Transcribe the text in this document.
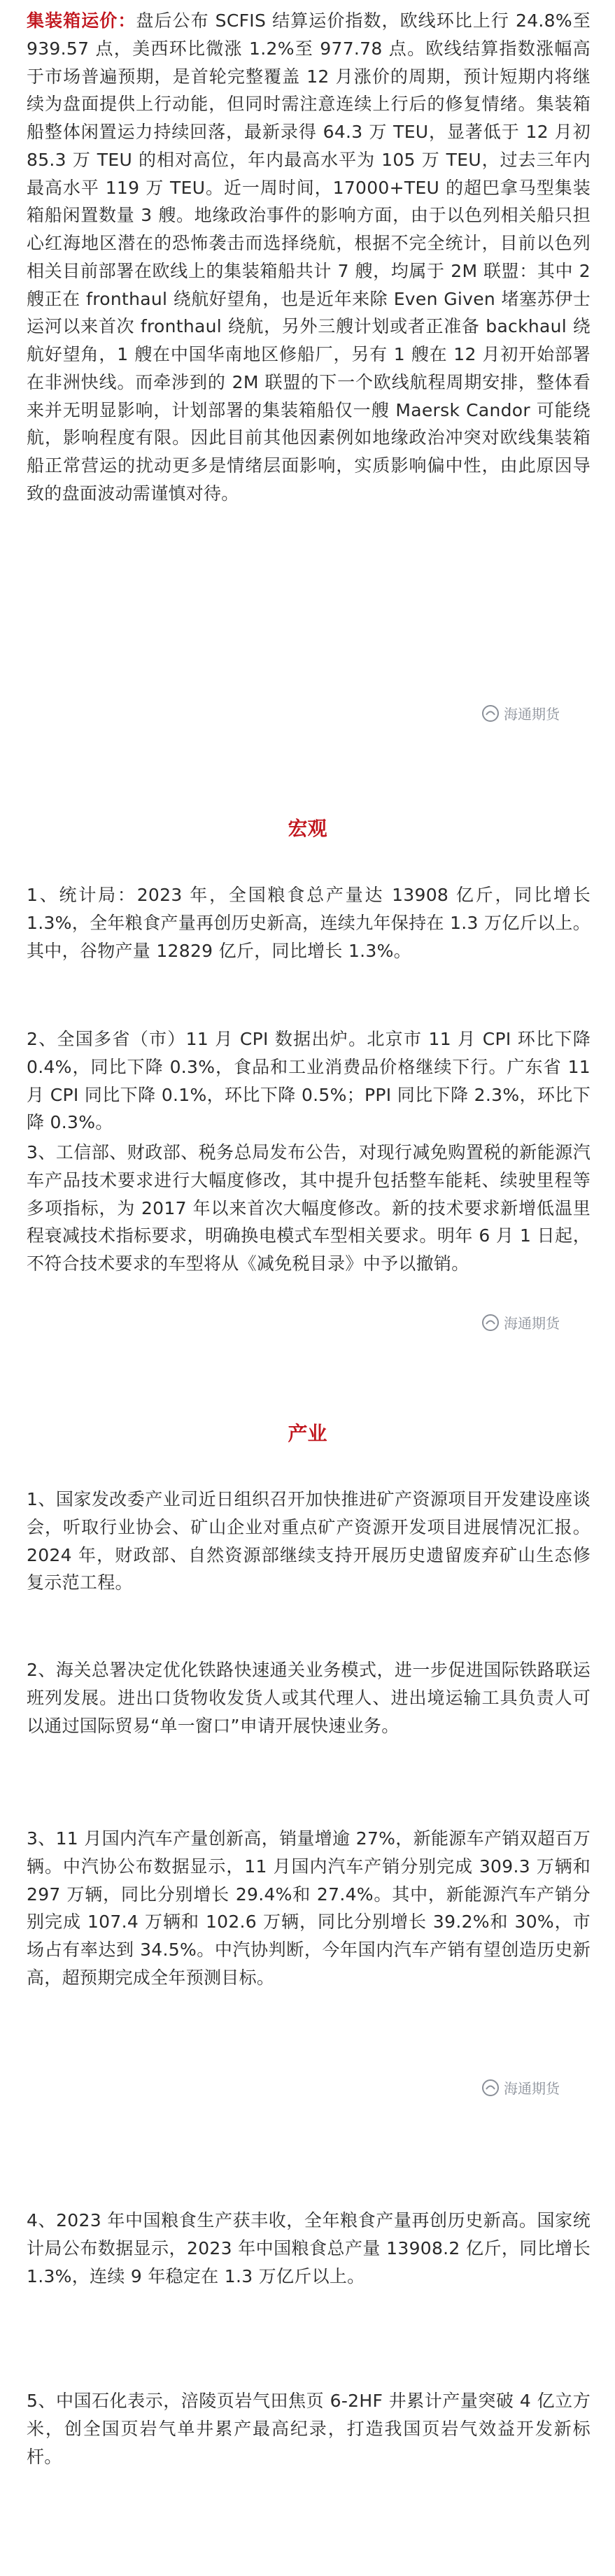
集装箱运价：盘后公布 SCFIS 结算运价指数，欧线环比上行 24.8%至 939.57 点，美西环比微涨 1.2%至 977.78 点。欧线结算指数涨幅高于市场普遍预期，是首轮完整覆盖 12 月涨价的周期，预计短期内将继续为盘面提供上行动能，但同时需注意连续上行后的修复情绪。集装箱船整体闲置运力持续回落，最新录得 64.3 万 TEU，显著低于 12 月初 85.3 万 TEU 的相对高位，年内最高水平为 105 万 TEU，过去三年内最高水平 119 万 TEU。近一周时间，17000+TEU 的超巴拿马型集装箱船闲置数量 3 艘。地缘政治事件的影响方面，由于以色列相关船只担心红海地区潜在的恐怖袭击而选择绕航，根据不完全统计，目前以色列相关目前部署在欧线上的集装箱船共计 7 艘，均属于 2M 联盟：其中 2 艘正在 fronthaul 绕航好望角，也是近年来除 Even Given 堵塞苏伊士运河以来首次 fronthaul 绕航，另外三艘计划或者正准备 backhaul 绕航好望角，1 艘在中国华南地区修船厂，另有 1 艘在 12 月初开始部署在非洲快线。而牵涉到的 2M 联盟的下一个欧线航程周期安排，整体看来并无明显影响，计划部署的集装箱船仅一艘 Maersk Candor 可能绕航，影响程度有限。因此目前其他因素例如地缘政治冲突对欧线集装箱船正常营运的扰动更多是情绪层面影响，实质影响偏中性，由此原因导致的盘面波动需谨慎对待。

海通期货
宏观

1、统计局：2023 年，全国粮食总产量达 13908 亿斤，同比增长 1.3%，全年粮食产量再创历史新高，连续九年保持在 1.3 万亿斤以上。其中，谷物产量 12829 亿斤，同比增长 1.3%。

2、全国多省（市）11 月 CPI 数据出炉。北京市 11 月 CPI 环比下降 0.4%，同比下降 0.3%，食品和工业消费品价格继续下行。广东省 11 月 CPI 同比下降 0.1%，环比下降 0.5%；PPI 同比下降 2.3%，环比下降 0.3%。

3、工信部、财政部、税务总局发布公告，对现行减免购置税的新能源汽车产品技术要求进行大幅度修改，其中提升包括整车能耗、续驶里程等多项指标，为 2017 年以来首次大幅度修改。新的技术要求新增低温里程衰减技术指标要求，明确换电模式车型相关要求。明年 6 月 1 日起，不符合技术要求的车型将从《减免税目录》中予以撤销。

海通期货
产业

1、国家发改委产业司近日组织召开加快推进矿产资源项目开发建设座谈会，听取行业协会、矿山企业对重点矿产资源开发项目进展情况汇报。2024 年，财政部、自然资源部继续支持开展历史遗留废弃矿山生态修复示范工程。

2、海关总署决定优化铁路快速通关业务模式，进一步促进国际铁路联运班列发展。进出口货物收发货人或其代理人、进出境运输工具负责人可以通过国际贸易“单一窗口”申请开展快速业务。

3、11 月国内汽车产量创新高，销量增逾 27%，新能源车产销双超百万辆。中汽协公布数据显示，11 月国内汽车产销分别完成 309.3 万辆和 297 万辆，同比分别增长 29.4%和 27.4%。其中，新能源汽车产销分别完成 107.4 万辆和 102.6 万辆，同比分别增长 39.2%和 30%，市场占有率达到 34.5%。中汽协判断，今年国内汽车产销有望创造历史新高，超预期完成全年预测目标。

海通期货

4、2023 年中国粮食生产获丰收，全年粮食产量再创历史新高。国家统计局公布数据显示，2023 年中国粮食总产量 13908.2 亿斤，同比增长 1.3%，连续 9 年稳定在 1.3 万亿斤以上。

5、中国石化表示，涪陵页岩气田焦页 6-2HF 井累计产量突破 4 亿立方米，创全国页岩气单井累产最高纪录，打造我国页岩气效益开发新标杆。
